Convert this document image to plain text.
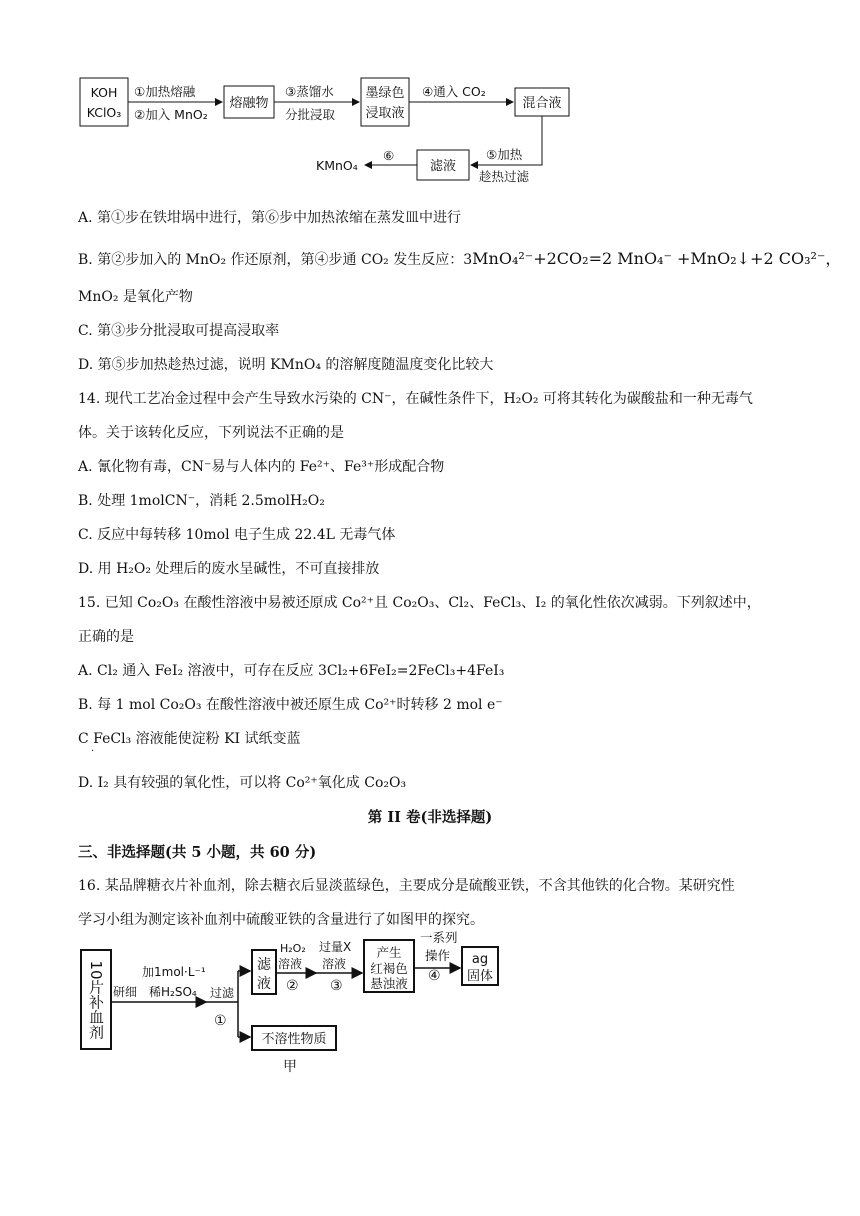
KOH
KClO₃
熔融物
墨绿色
浸取液
混合液
滤液
①加热熔融
②加入 MnO₂
③蒸馏水
分批浸取
④通入 CO₂
⑤加热
趁热过滤
⑥
KMnO₄
A. 第①步在铁坩埚中进行，第⑥步中加热浓缩在蒸发皿中进行
B. 第②步加入的 MnO₂ 作还原剂，第④步通 CO₂ 发生反应：3MnO₄²⁻+2CO₂=2 MnO₄⁻ +MnO₂↓+2 CO₃²⁻，
MnO₂ 是氧化产物
C. 第③步分批浸取可提高浸取率
D. 第⑤步加热趁热过滤，说明 KMnO₄ 的溶解度随温度变化比较大
14. 现代工艺冶金过程中会产生导致水污染的 CN⁻，在碱性条件下，H₂O₂ 可将其转化为碳酸盐和一种无毒气
体。关于该转化反应，下列说法不正确的是
A. 氰化物有毒，CN⁻易与人体内的 Fe²⁺、Fe³⁺形成配合物
B. 处理 1molCN⁻，消耗 2.5molH₂O₂
C. 反应中每转移 10mol 电子生成 22.4L 无毒气体
D. 用 H₂O₂ 处理后的废水呈碱性，不可直接排放
15. 已知 Co₂O₃ 在酸性溶液中易被还原成 Co²⁺且 Co₂O₃、Cl₂、FeCl₃、I₂ 的氧化性依次减弱。下列叙述中，
正确的是
A. Cl₂ 通入 FeI₂ 溶液中，可存在反应 3Cl₂+6FeI₂=2FeCl₃+4FeI₃
B. 每 1 mol Co₂O₃ 在酸性溶液中被还原生成 Co²⁺时转移 2 mol e⁻
C FeCl₃ 溶液能使淀粉 KI 试纸变蓝
·
D. I₂ 具有较强的氧化性，可以将 Co²⁺氧化成 Co₂O₃
第 II 卷(非选择题)
三、非选择题(共 5 小题，共 60 分)
16. 某品牌糖衣片补血剂，除去糖衣后显淡蓝绿色，主要成分是硫酸亚铁，不含其他铁的化合物。某研究性
学习小组为测定该补血剂中硫酸亚铁的含量进行了如图甲的探究。
10片补血剂 研细
加1mol·L⁻¹
稀H₂SO₄ 过滤
①
滤
液
H₂O₂
溶液
②
过量X
溶液
③
产生
红褐色
悬浊液
一系列
操作
④
ag
固体
不溶性物质
甲
